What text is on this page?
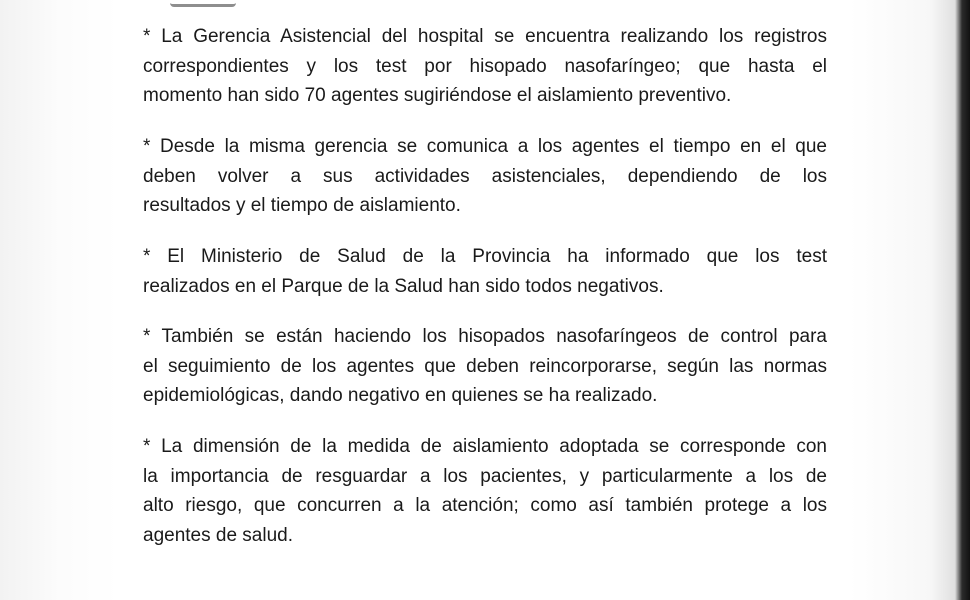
* La Gerencia Asistencial del hospital se encuentra realizando los registros
correspondientes y los test por hisopado nasofaríngeo; que hasta el
momento han sido 70 agentes sugiriéndose el aislamiento preventivo.

* Desde la misma gerencia se comunica a los agentes el tiempo en el que
deben volver a sus actividades asistenciales, dependiendo de los
resultados y el tiempo de aislamiento.

* El Ministerio de Salud de la Provincia ha informado que los test
realizados en el Parque de la Salud han sido todos negativos.

* También se están haciendo los hisopados nasofaríngeos de control para
el seguimiento de los agentes que deben reincorporarse, según las normas
epidemiológicas, dando negativo en quienes se ha realizado.

* La dimensión de la medida de aislamiento adoptada se corresponde con
la importancia de resguardar a los pacientes, y particularmente a los de
alto riesgo, que concurren a la atención; como así también protege a los
agentes de salud.
